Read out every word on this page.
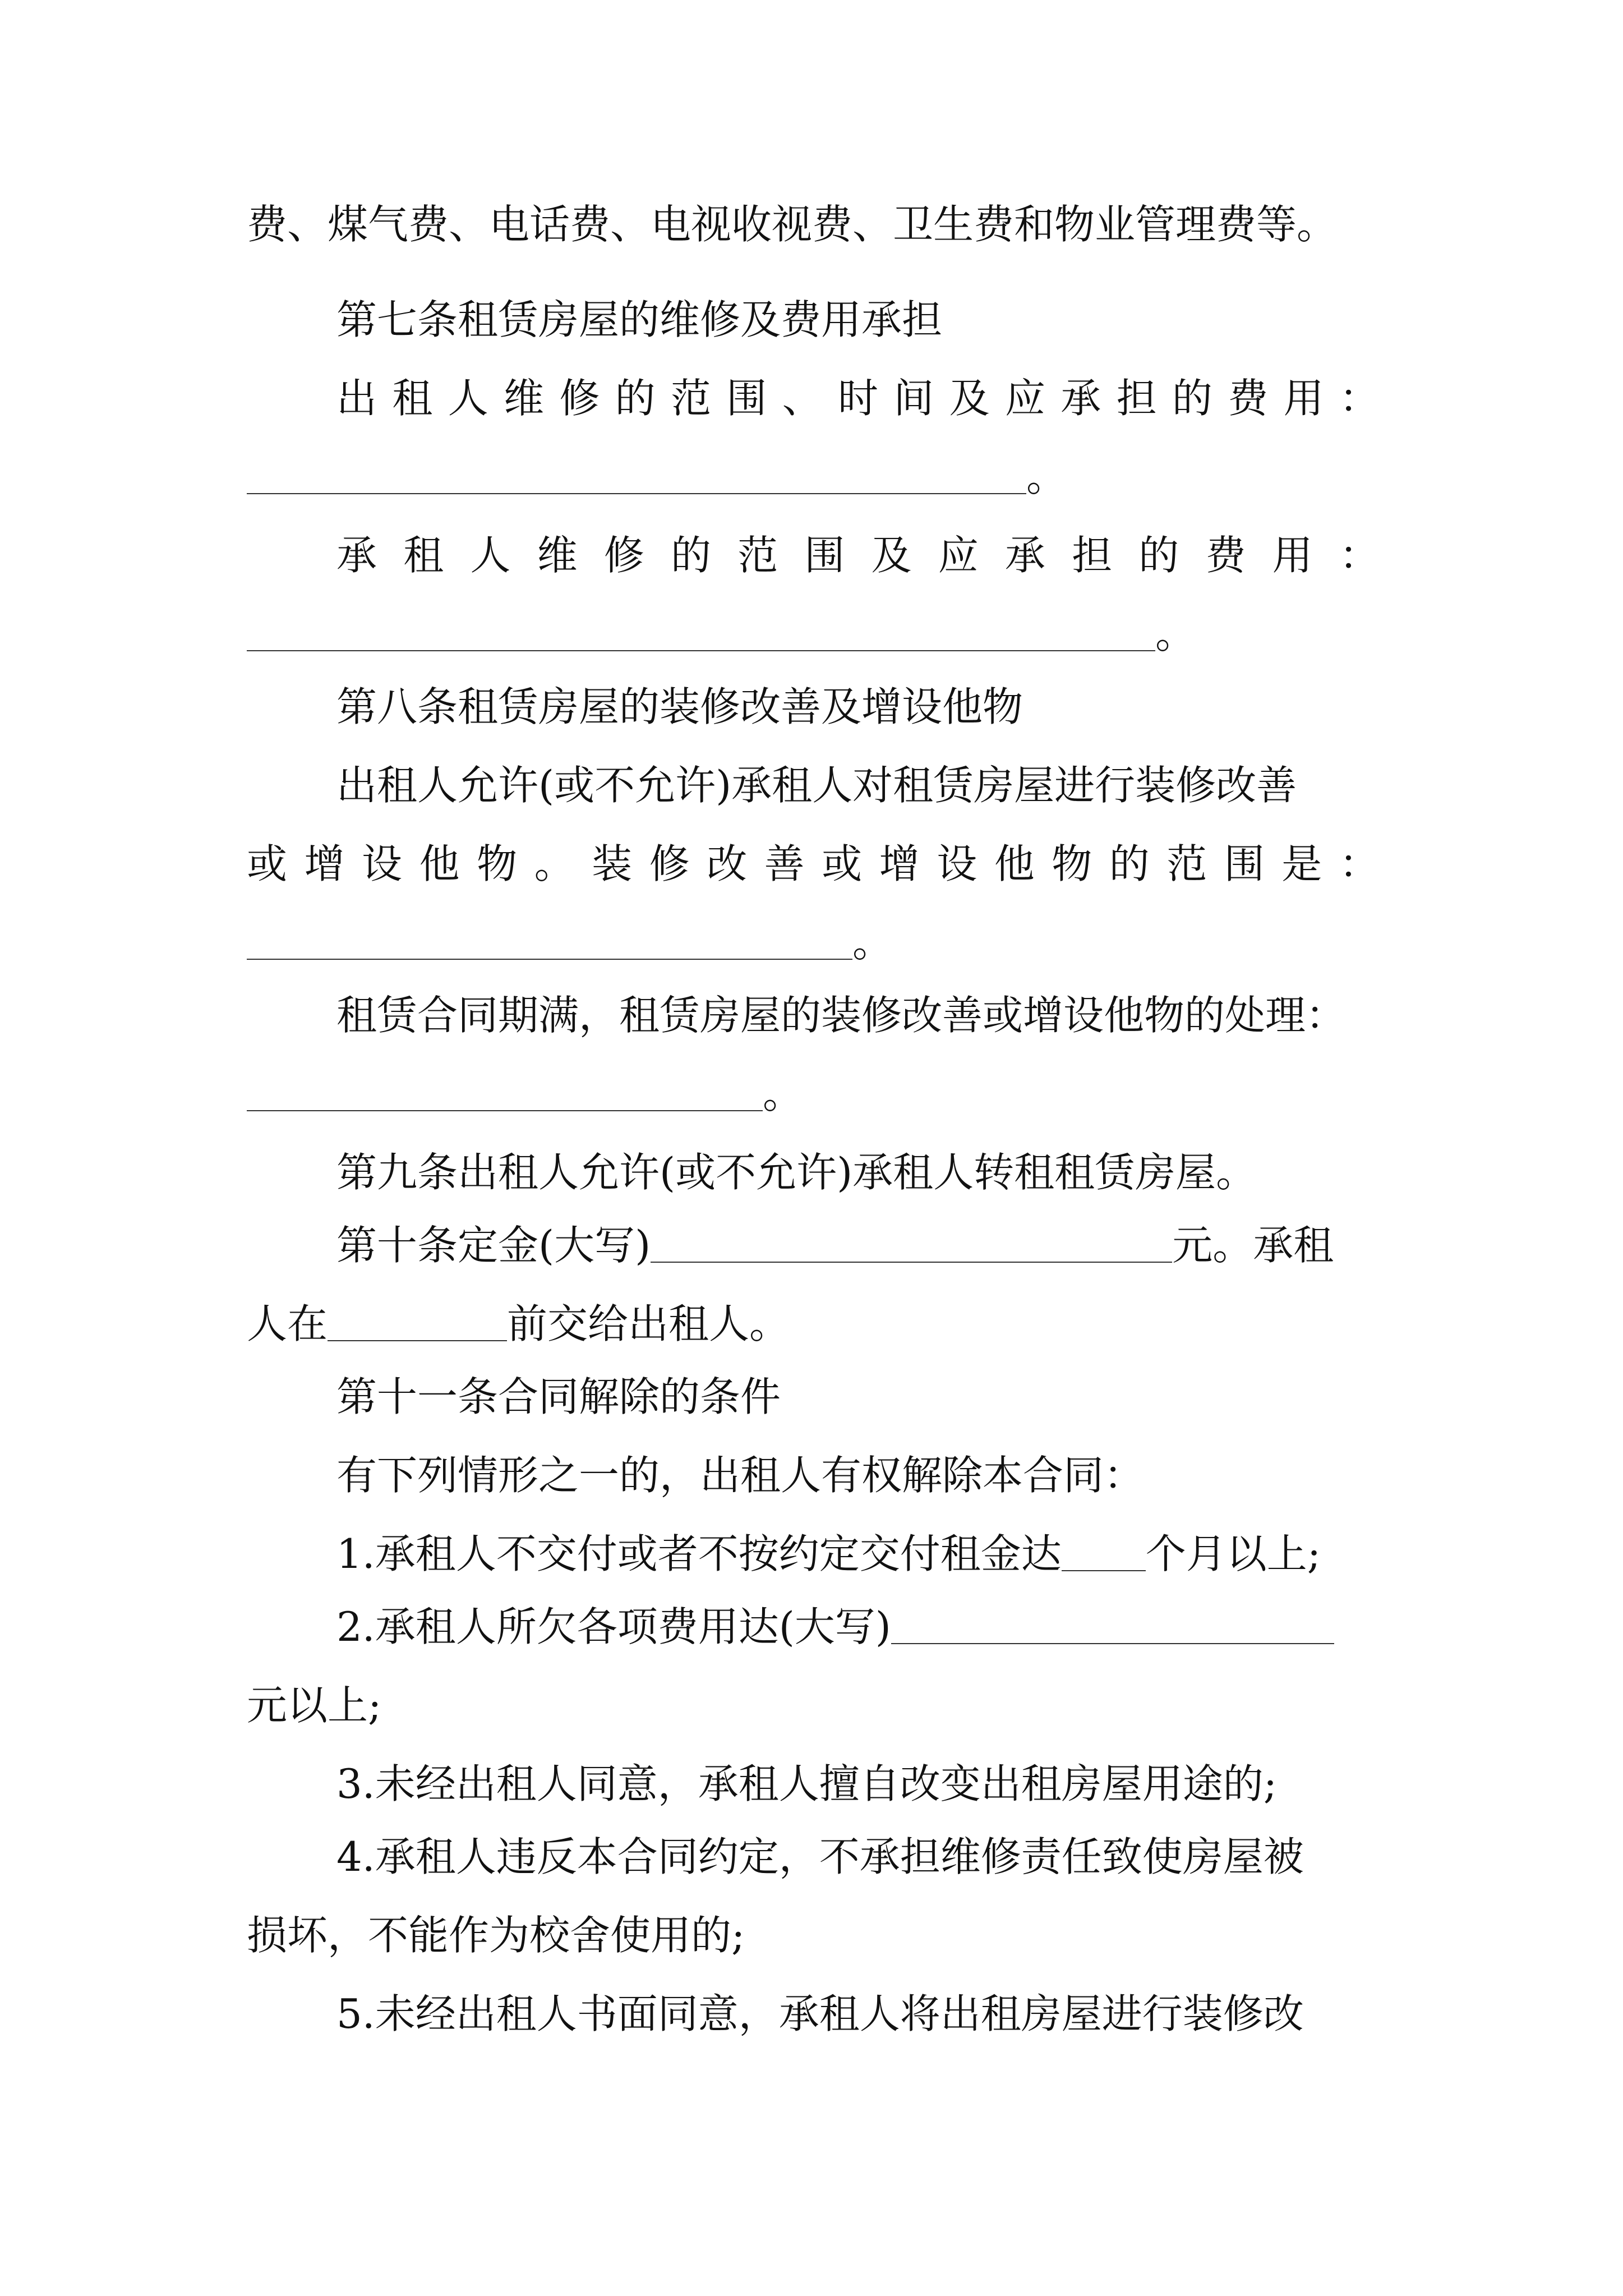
费、煤气费、电话费、电视收视费、卫生费和物业管理费等。
第七条租赁房屋的维修及费用承担
出 租 人 维 修 的 范 围 、 时 间 及 应 承 担 的 费 用 ：
。
承 租 人 维 修 的 范 围 及 应 承 担 的 费 用 ：
。
第八条租赁房屋的装修改善及增设他物
出租人允许(或不允许)承租人对租赁房屋进行装修改善
或 增 设 他 物 。 装 修 改 善 或 增 设 他 物 的 范 围 是 ：
。
租赁合同期满，租赁房屋的装修改善或增设他物的处理：
。
第九条出租人允许(或不允许)承租人转租租赁房屋。
第十条定金(大写)	元。承租
人在	前交给出租人。
第十一条合同解除的条件
有下列情形之一的，出租人有权解除本合同：
1.承租人不交付或者不按约定交付租金达 个月以上;
2.承租人所欠各项费用达(大写)
元以上;
3.未经出租人同意，承租人擅自改变出租房屋用途的;
4.承租人违反本合同约定，不承担维修责任致使房屋被
损坏，不能作为校舍使用的;
5.未经出租人书面同意，承租人将出租房屋进行装修改
